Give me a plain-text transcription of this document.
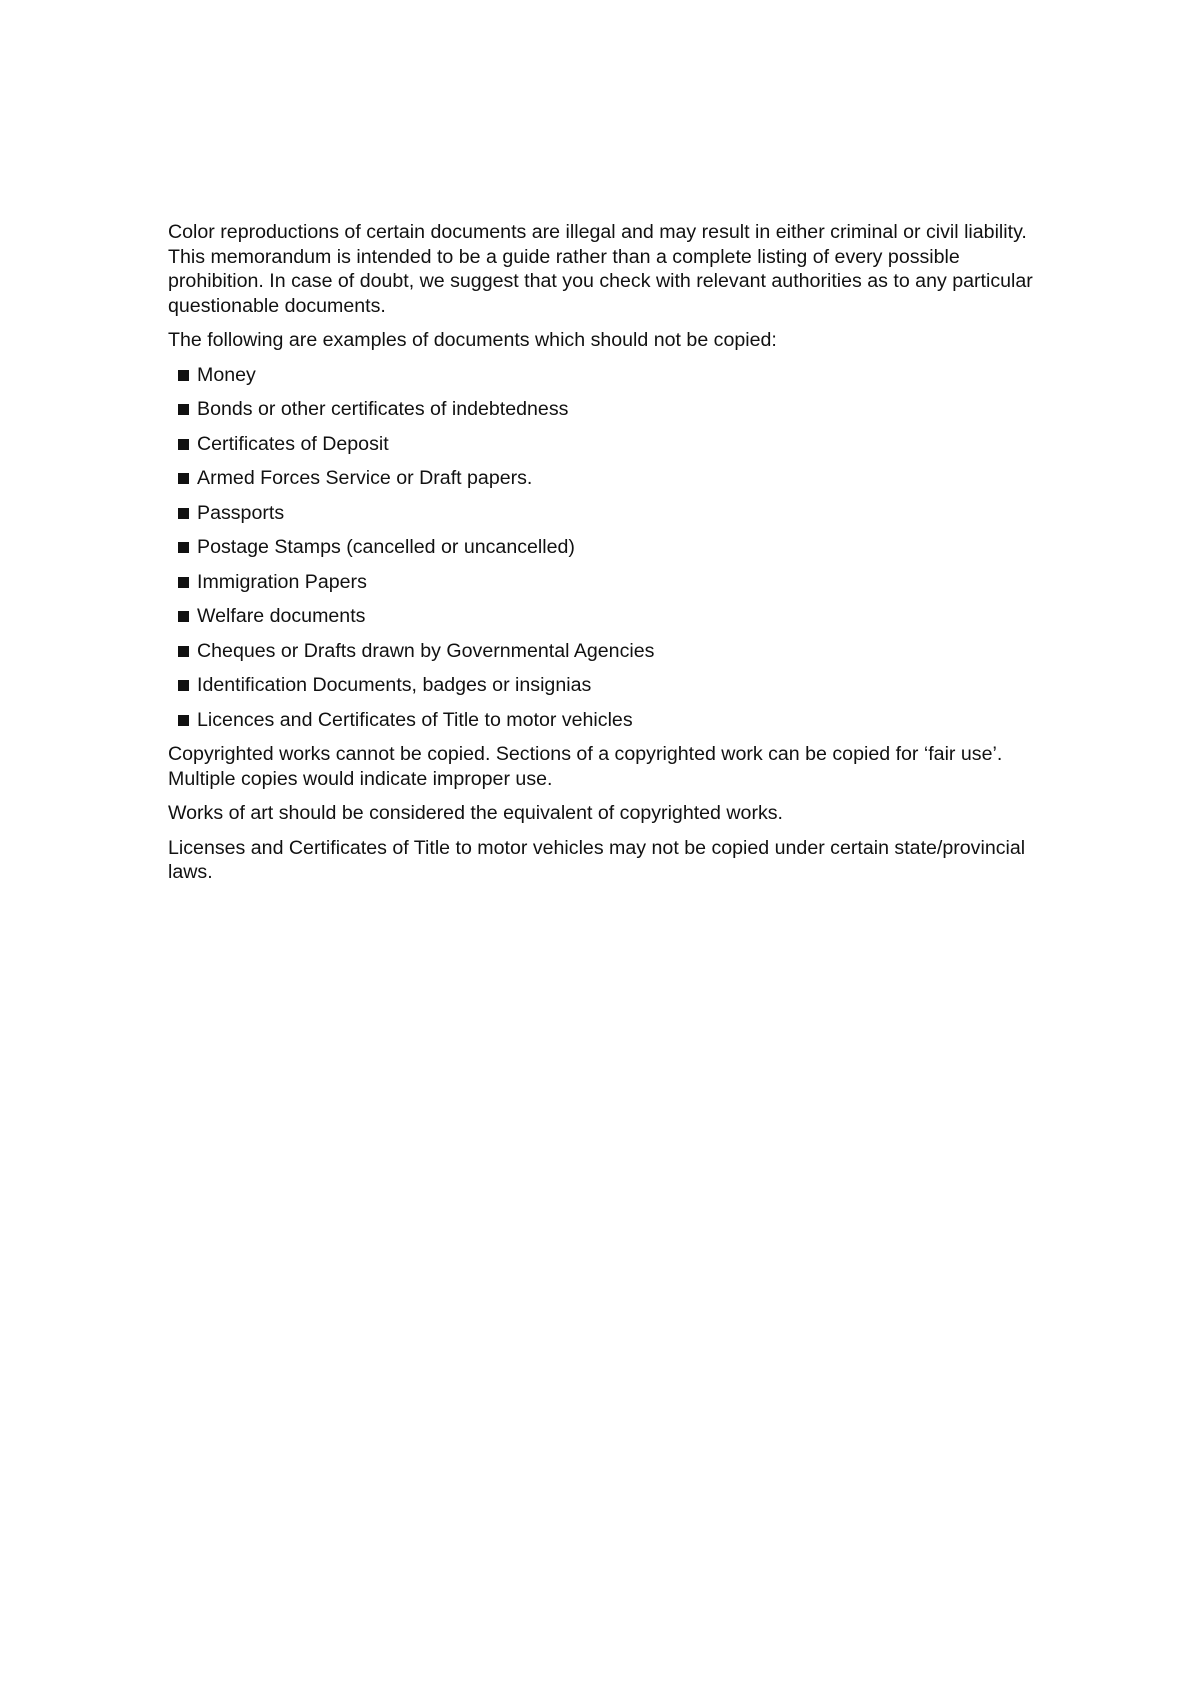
Color reproductions of certain documents are illegal and may result in either criminal or civil liability. This memorandum is intended to be a guide rather than a complete listing of every possible prohibition. In case of doubt, we suggest that you check with relevant authorities as to any particular questionable documents.

The following are examples of documents which should not be copied:

Money
Bonds or other certificates of indebtedness
Certificates of Deposit
Armed Forces Service or Draft papers.
Passports
Postage Stamps (cancelled or uncancelled)
Immigration Papers
Welfare documents
Cheques or Drafts drawn by Governmental Agencies
Identification Documents, badges or insignias
Licences and Certificates of Title to motor vehicles

Copyrighted works cannot be copied. Sections of a copyrighted work can be copied for ‘fair use’. Multiple copies would indicate improper use.

Works of art should be considered the equivalent of copyrighted works.

Licenses and Certificates of Title to motor vehicles may not be copied under certain state/provincial laws.
